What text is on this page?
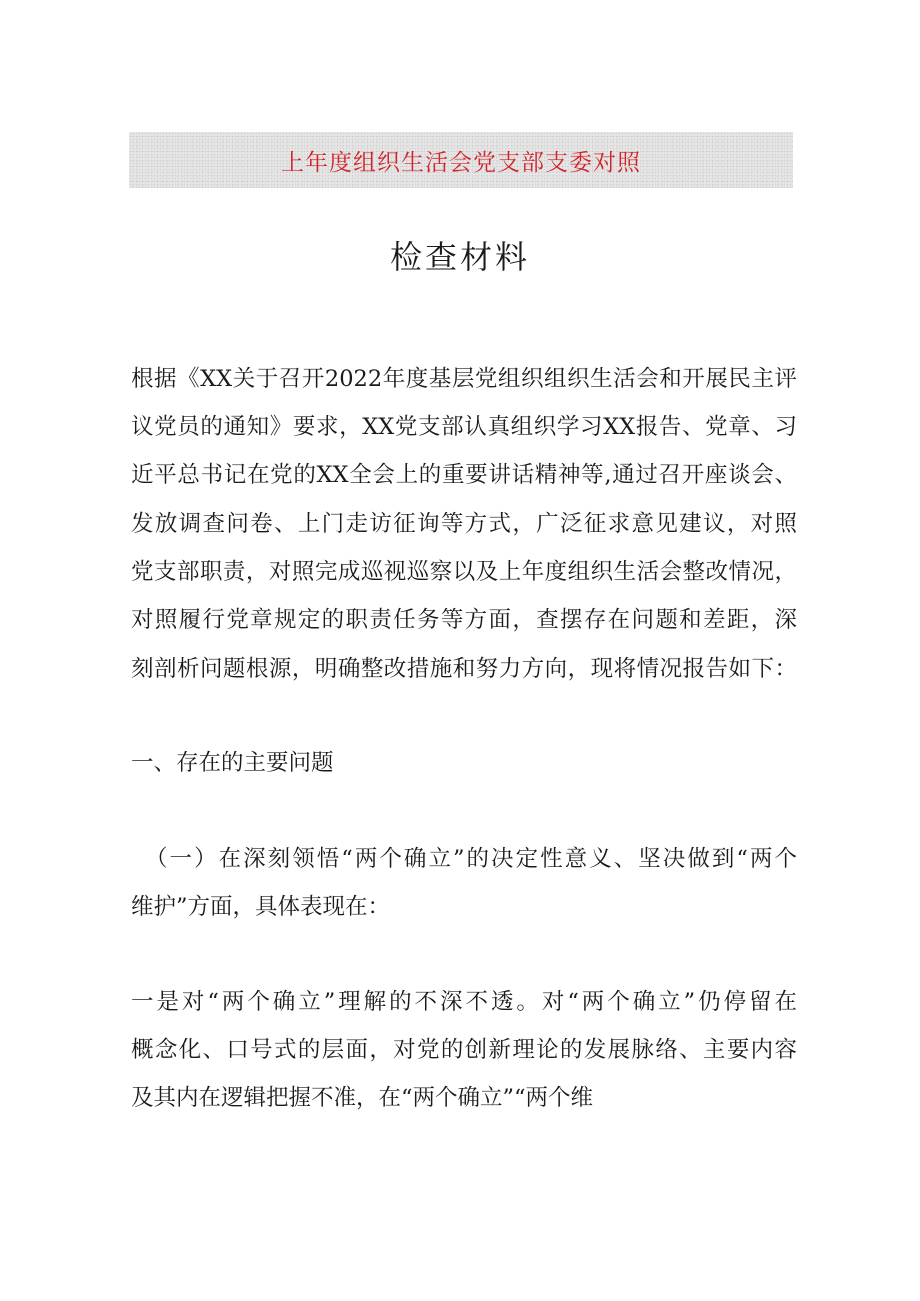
上年度组织生活会党支部支委对照
检查材料
根据《XX关于召开2022年度基层党组织组织生活会和开展民主评
议党员的通知》要求，XX党支部认真组织学习XX报告、党章、习
近平总书记在党的XX全会上的重要讲话精神等,通过召开座谈会、
发放调查问卷、上门走访征询等方式，广泛征求意见建议，对照
党支部职责，对照完成巡视巡察以及上年度组织生活会整改情况，
对照履行党章规定的职责任务等方面，查摆存在问题和差距，深
刻剖析问题根源，明确整改措施和努力方向，现将情况报告如下：
一、存在的主要问题
（一）在深刻领悟“两个确立”的决定性意义、坚决做到“两个
维护”方面，具体表现在：
一是对“两个确立”理解的不深不透。对“两个确立”仍停留在
概念化、口号式的层面，对党的创新理论的发展脉络、主要内容
及其内在逻辑把握不准，在“两个确立”“两个维
